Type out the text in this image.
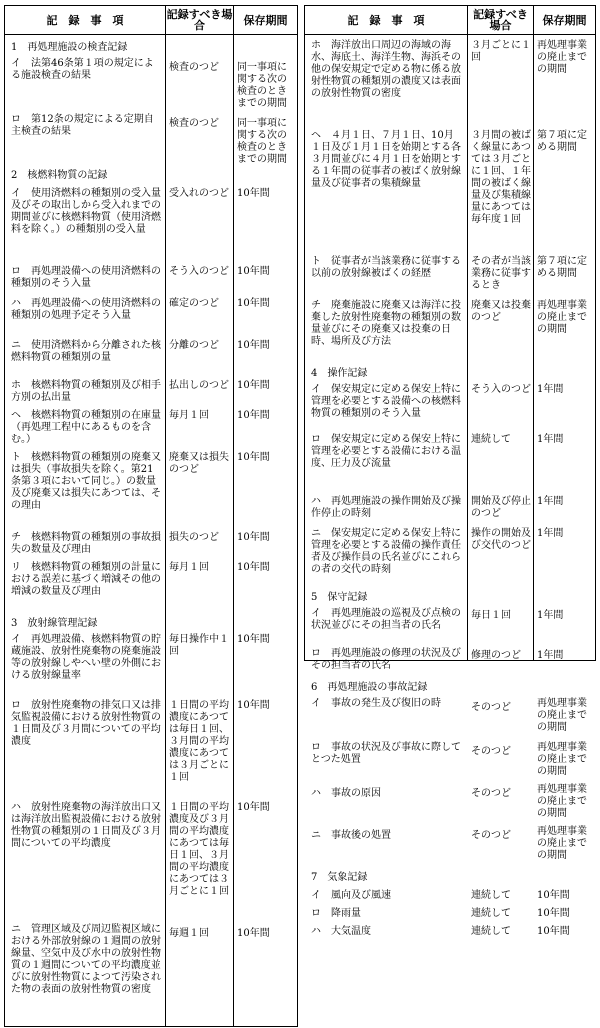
記　録　事　項	記録すべき場合	保存期間
1　再処理施設の検査記録
イ　法第46条第１項の規定による施設検査の結果
検査のつど	同一事項に関する次の検査のときまでの期間
ロ　第12条の規定による定期自主検査の結果
検査のつど	同一事項に関する次の検査のときまでの期間
2　核燃料物質の記録
イ　使用済燃料の種類別の受入量及びその取出しから受入れまでの期間並びに核燃料物質（使用済燃料を除く。）の種類別の受入量
受入れのつど 10年間
ロ　再処理設備への使用済燃料の種類別のそう入量
そう入のつど 10年間
ハ　再処理設備への使用済燃料の種類別の処理予定そう入量
確定のつど	10年間
ニ　使用済燃料から分離された核燃料物質の種類別の量
分離のつど	10年間
ホ　核燃料物質の種類別及び相手方別の払出量
払出しのつど 10年間
ヘ　核燃料物質の種類別の在庫量（再処理工程中にあるものを含む。）
毎月１回	10年間
ト　核燃料物質の種類別の廃棄又は損失（事故損失を除く。第21条第３項において同じ。）の数量及び廃棄又は損失にあつては、その理由
廃棄又は損失のつど
10年間
チ　核燃料物質の種類別の事故損失の数量及び理由
損失のつど	10年間
リ　核燃料物質の種類別の計量における誤差に基づく増減その他の増減の数量及び理由
毎月１回	10年間
3　放射線管理記録
イ　再処理設備、核燃料物質の貯蔵施設、放射性廃棄物の廃棄施設等の放射線しやへい壁の外側における放射線量率
毎日操作中１回
10年間
ロ　放射性廃棄物の排気口又は排気監視設備における放射性物質の１日間及び３月間についての平均濃度
１日間の平均濃度にあつては毎日１回、３月間の平均濃度にあつては３月ごとに１回
10年間
ハ　放射性廃棄物の海洋放出口又は海洋放出監視設備における放射性物質の種類別の１日間及び３月間についての平均濃度
１日間の平均濃度及び３月間の平均濃度にあつては毎日１回、３月間の平均濃度にあつては３月ごとに１回
10年間
ニ　管理区域及び周辺監視区域における外部放射線の１週間の放射線量、空気中及び水中の放射性物質の１週間についての平均濃度並びに放射性物質によつて汚染された物の表面の放射性物質の密度
毎週１回	10年間
記　録　事　項	記録すべき場合	保存期間
ホ　海洋放出口周辺の海域の海水、海底土、海洋生物、海浜その他の保安規定で定める物に係る放射性物質の種類別の濃度又は表面の放射性物質の密度
３月ごとに１回
再処理事業の廃止までの期間
ヘ　４月１日、７月１日、10月１日及び１月１日を始期とする各３月間並びに４月１日を始期とする１年間の従事者の被ばく放射線量及び従事者の集積線量
３月間の被ばく線量にあつては３月ごとに１回、１年間の被ばく線量及び集積線量にあつては毎年度１回
第７項に定める期間
ト　従事者が当該業務に従事する以前の放射線被ばくの経歴
その者が当該業務に従事するとき
第７項に定める期間
チ　廃棄施設に廃棄又は海洋に投棄した放射性廃棄物の種類別の数量並びにその廃棄又は投棄の日時、場所及び方法
廃棄又は投棄のつど
再処理事業の廃止までの期間
4　操作記録
イ　保安規定に定める保安上特に管理を必要とする設備への核燃料物質の種類別のそう入量
そう入のつど 1年間
ロ　保安規定に定める保安上特に管理を必要とする設備における温度、圧力及び流量
連続して	1年間
ハ　再処理施設の操作開始及び操作停止の時刻
開始及び停止のつど
1年間
ニ　保安規定に定める保安上特に管理を必要とする設備の操作責任者及び操作員の氏名並びにこれらの者の交代の時刻
操作の開始及び交代のつど
1年間
5　保守記録
イ　再処理施設の巡視及び点検の状況並びにその担当者の氏名
毎日１回	1年間
ロ　再処理施設の修理の状況及びその担当者の氏名
修理のつど	1年間
6　再処理施設の事故記録
イ　事故の発生及び復旧の時	そのつど	再処理事業の廃止までの期間
ロ　事故の状況及び事故に際してとつた処置
そのつど	再処理事業の廃止までの期間
ハ　事故の原因	そのつど	再処理事業の廃止までの期間
ニ　事故後の処置	そのつど	再処理事業の廃止までの期間
7　気象記録
イ　風向及び風速	連続して	10年間
ロ　降雨量	連続して	10年間
ハ　大気温度	連続して	10年間
